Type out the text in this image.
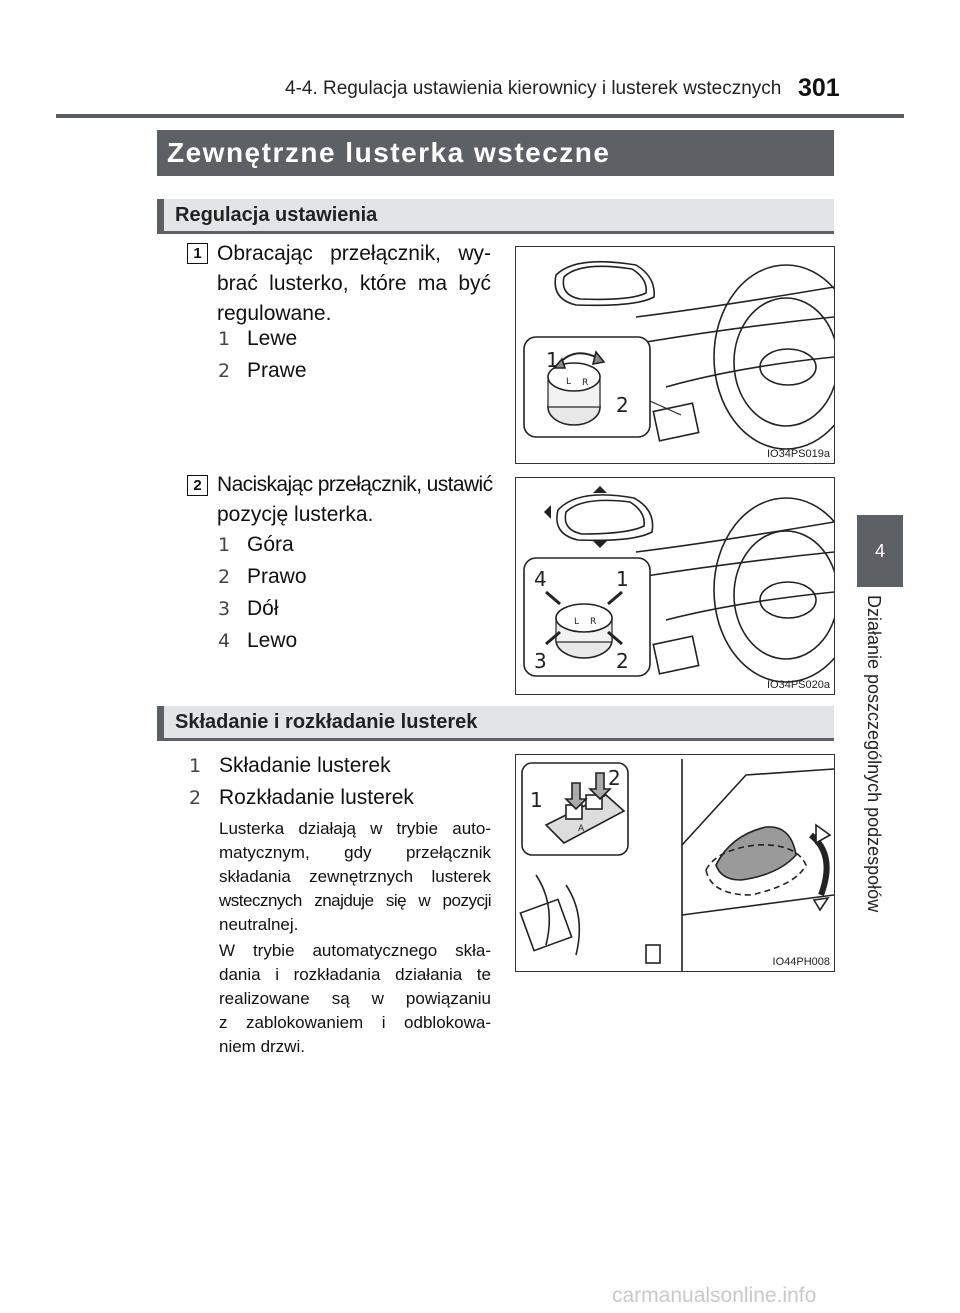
4-4. Regulacja ustawienia kierownicy i lusterek wstecznych 301
4
Działanie poszczególnych podzespołów
Zewnętrzne lusterka wsteczne
Regulacja ustawienia
1 Obracając przełącznik, wy-
brać lusterko, które ma być
regulowane.
1 Lewe
2 Prawe	1
2
L R
IO34PS019a
2 Naciskając przełącznik, ustawić
pozycję lusterka.
1 Góra
2 Prawo
3 Dół
4 Lewo
4	1
3	2
L R
IO34PS020a
Składanie i rozkładanie lusterek
1 Składanie lusterek
2 Rozkładanie lusterek
Lusterka działają w trybie auto-
matycznym, gdy przełącznik
składania zewnętrznych lusterek
wstecznych znajduje się w pozycji
neutralnej.
W trybie automatycznego skła-
dania i rozkładania działania te
realizowane są w powiązaniu
z zablokowaniem i odblokowa-
niem drzwi.
1
2
A
IO44PH008
carmanualsonline.info
